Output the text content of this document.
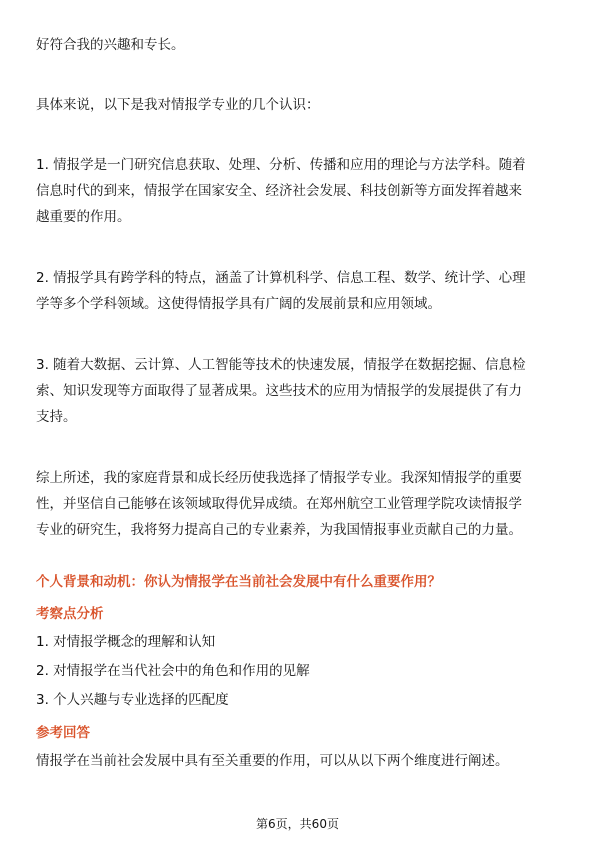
好符合我的兴趣和专长。

具体来说，以下是我对情报学专业的几个认识：

1. 情报学是一门研究信息获取、处理、分析、传播和应用的理论与方法学科。随着
信息时代的到来，情报学在国家安全、经济社会发展、科技创新等方面发挥着越来
越重要的作用。

2. 情报学具有跨学科的特点，涵盖了计算机科学、信息工程、数学、统计学、心理
学等多个学科领域。这使得情报学具有广阔的发展前景和应用领域。

3. 随着大数据、云计算、人工智能等技术的快速发展，情报学在数据挖掘、信息检
索、知识发现等方面取得了显著成果。这些技术的应用为情报学的发展提供了有力
支持。

综上所述，我的家庭背景和成长经历使我选择了情报学专业。我深知情报学的重要
性，并坚信自己能够在该领域取得优异成绩。在郑州航空工业管理学院攻读情报学
专业的研究生，我将努力提高自己的专业素养，为我国情报事业贡献自己的力量。

个人背景和动机：你认为情报学在当前社会发展中有什么重要作用？

考察点分析

1. 对情报学概念的理解和认知

2. 对情报学在当代社会中的角色和作用的见解

3. 个人兴趣与专业选择的匹配度

参考回答

情报学在当前社会发展中具有至关重要的作用，可以从以下两个维度进行阐述。

第6页，共60页
